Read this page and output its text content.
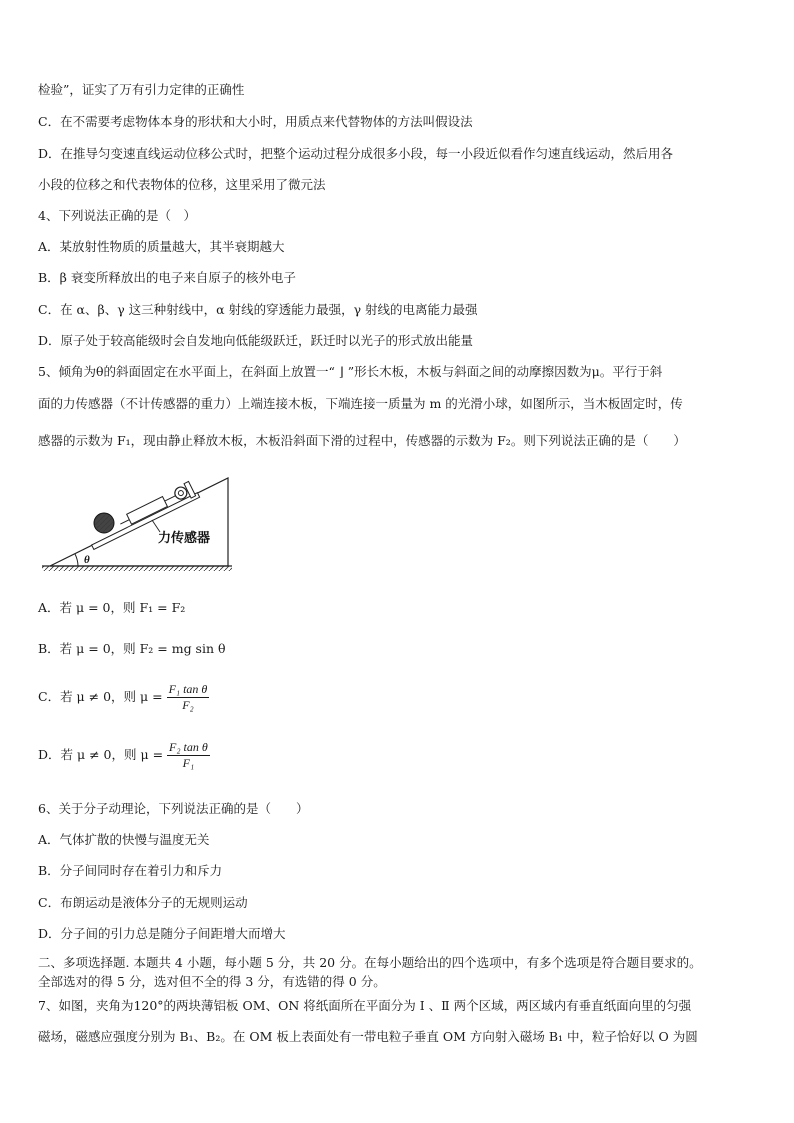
检验”，证实了万有引力定律的正确性
C．在不需要考虑物体本身的形状和大小时，用质点来代替物体的方法叫假设法
D．在推导匀变速直线运动位移公式时，把整个运动过程分成很多小段，每一小段近似看作匀速直线运动，然后用各
小段的位移之和代表物体的位移，这里采用了微元法
4、下列说法正确的是（　）
A．某放射性物质的质量越大，其半衰期越大
B．β 衰变所释放出的电子来自原子的核外电子
C．在 α、β、γ 这三种射线中，α 射线的穿透能力最强，γ 射线的电离能力最强
D．原子处于较高能级时会自发地向低能级跃迁，跃迁时以光子的形式放出能量
5、倾角为θ的斜面固定在水平面上，在斜面上放置一“ ⌋ ”形长木板，木板与斜面之间的动摩擦因数为μ。平行于斜
面的力传感器（不计传感器的重力）上端连接木板，下端连接一质量为 m 的光滑小球，如图所示，当木板固定时，传
感器的示数为 F₁，现由静止释放木板，木板沿斜面下滑的过程中，传感器的示数为 F₂。则下列说法正确的是（　　）
力传感器
θ
A．若 μ = 0，则 F₁ = F₂
B．若 μ = 0，则 F₂ = mg sin θ
C．若 μ ≠ 0，则 $\mu = \frac{\text{F₁ tan θ}}{\text{F₂}}$
D．若 μ ≠ 0，则 $\mu = \frac{\text{F₂ tan θ}}{\text{F₁}}$
6、关于分子动理论，下列说法正确的是（　　）
A．气体扩散的快慢与温度无关
B．分子间同时存在着引力和斥力
C．布朗运动是液体分子的无规则运动
D．分子间的引力总是随分子间距增大而增大
二、多项选择题. 本题共 4 小题，每小题 5 分，共 20 分。在每小题给出的四个选项中，有多个选项是符合题目要求的。
全部选对的得 5 分，选对但不全的得 3 分，有选错的得 0 分。
7、如图，夹角为120°的两块薄铝板 OM、ON 将纸面所在平面分为 Ⅰ 、Ⅱ 两个区域，两区域内有垂直纸面向里的匀强
磁场，磁感应强度分别为 B₁、B₂。在 OM 板上表面处有一带电粒子垂直 OM 方向射入磁场 B₁ 中，粒子恰好以 O 为圆
